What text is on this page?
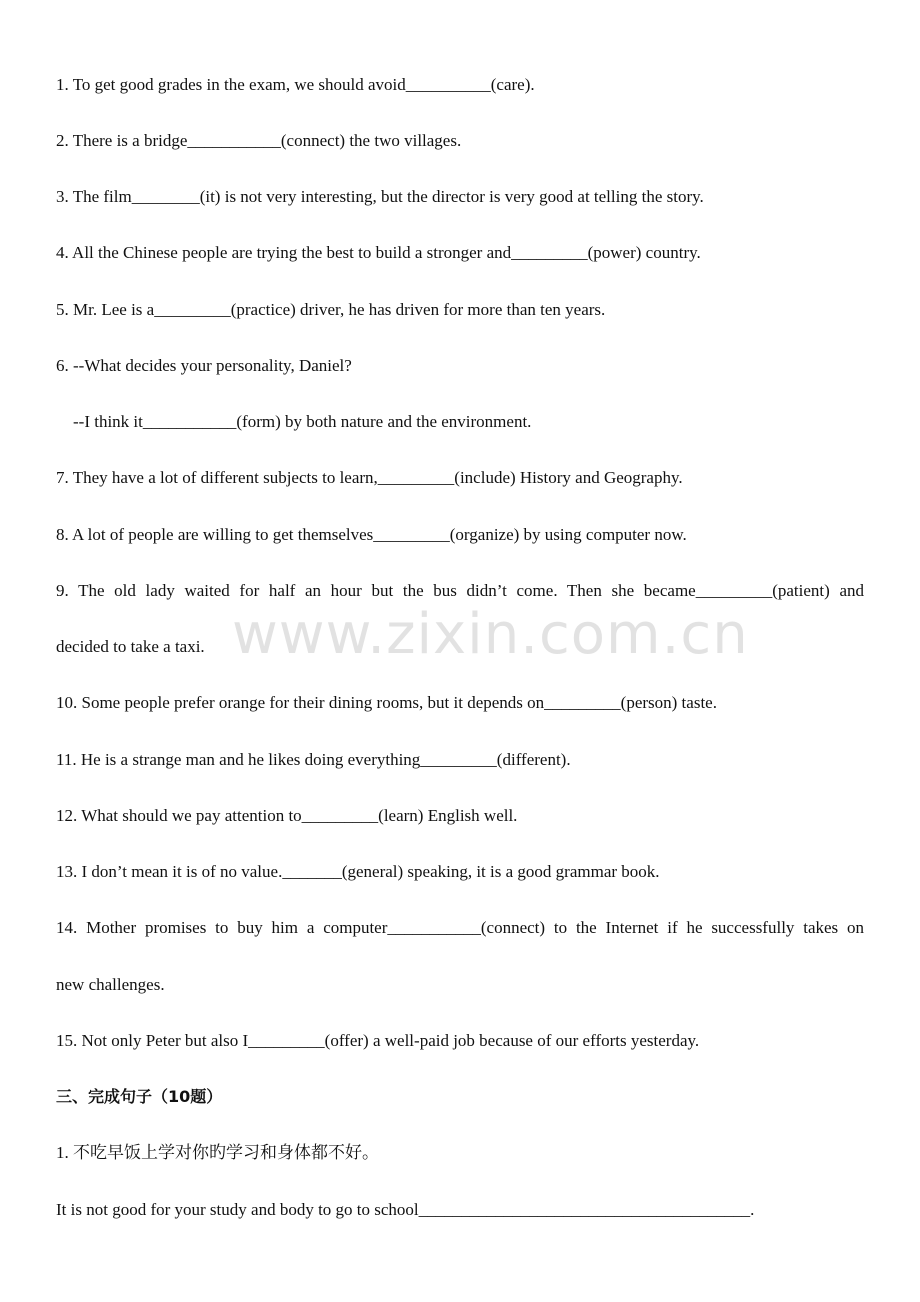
1. To get good grades in the exam, we should avoid__________(care).
2. There is a bridge___________(connect) the two villages.
3. The film________(it) is not very interesting, but the director is very good at telling the story.
4. All the Chinese people are trying the best to build a stronger and_________(power) country.
5. Mr. Lee is a_________(practice) driver, he has driven for more than ten years.
6. --What decides your personality, Daniel?
--I think it___________(form) by both nature and the environment.
7. They have a lot of different subjects to learn,_________(include) History and Geography.
8. A lot of people are willing to get themselves_________(organize) by using computer now.
9. The old lady waited for half an hour but the bus didn’t come. Then she became_________(patient) and
decided to take a taxi.
10. Some people prefer orange for their dining rooms, but it depends on_________(person) taste.
11. He is a strange man and he likes doing everything_________(different).
12. What should we pay attention to_________(learn) English well.
13. I don’t mean it is of no value._______(general) speaking, it is a good grammar book.
14. Mother promises to buy him a computer___________(connect) to the Internet if he successfully takes on
new challenges.
15. Not only Peter but also I_________(offer) a well-paid job because of our efforts yesterday.
三、完成句子（10题）
1. 不吃早饭上学对你旳学习和身体都不好。
It is not good for your study and body to go to school_______________________________________.
www.zixin.com.cn
